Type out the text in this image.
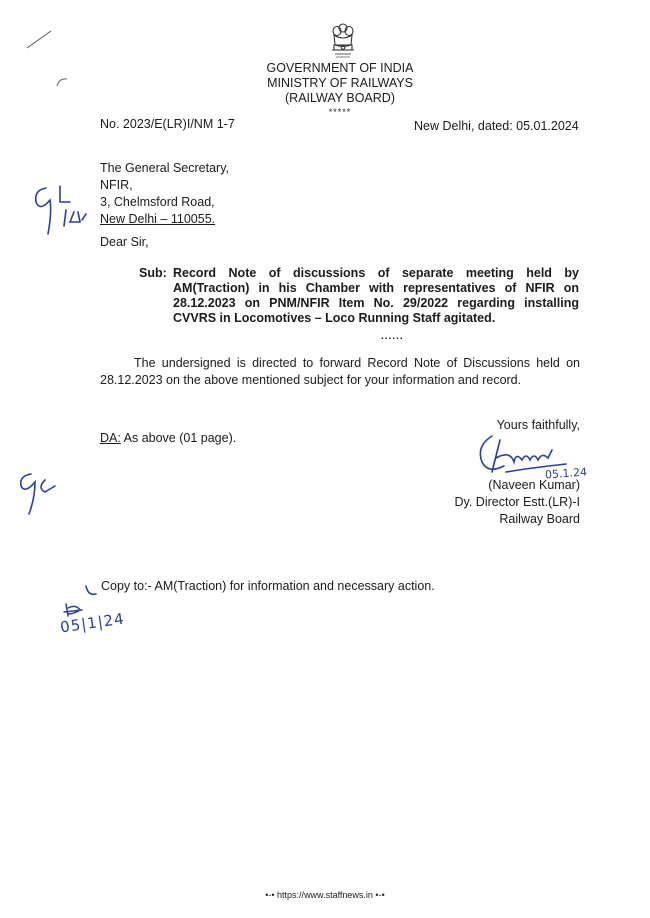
GOVERNMENT OF INDIA
MINISTRY OF RAILWAYS
(RAILWAY BOARD)
*****
No. 2023/E(LR)I/NM 1-7	New Delhi, dated: 05.01.2024
The General Secretary,
NFIR,
3, Chelmsford Road,
New Delhi – 110055.
Dear Sir,
Sub: Record Note of discussions of separate meeting held by AM(Traction) in his Chamber with representatives of NFIR on 28.12.2023 on PNM/NFIR Item No. 29/2022 regarding installing CVVRS in Locomotives – Loco Running Staff agitated.
......
The undersigned is directed to forward Record Note of Discussions held on 28.12.2023 on the above mentioned subject for your information and record.
Yours faithfully,
DA: As above (01 page).
05.1.24
(Naveen Kumar)
Dy. Director Estt.(LR)-I
Railway Board
Copy to:- AM(Traction) for information and necessary action.
05|1|24
•-• https://www.staffnews.in •-•
